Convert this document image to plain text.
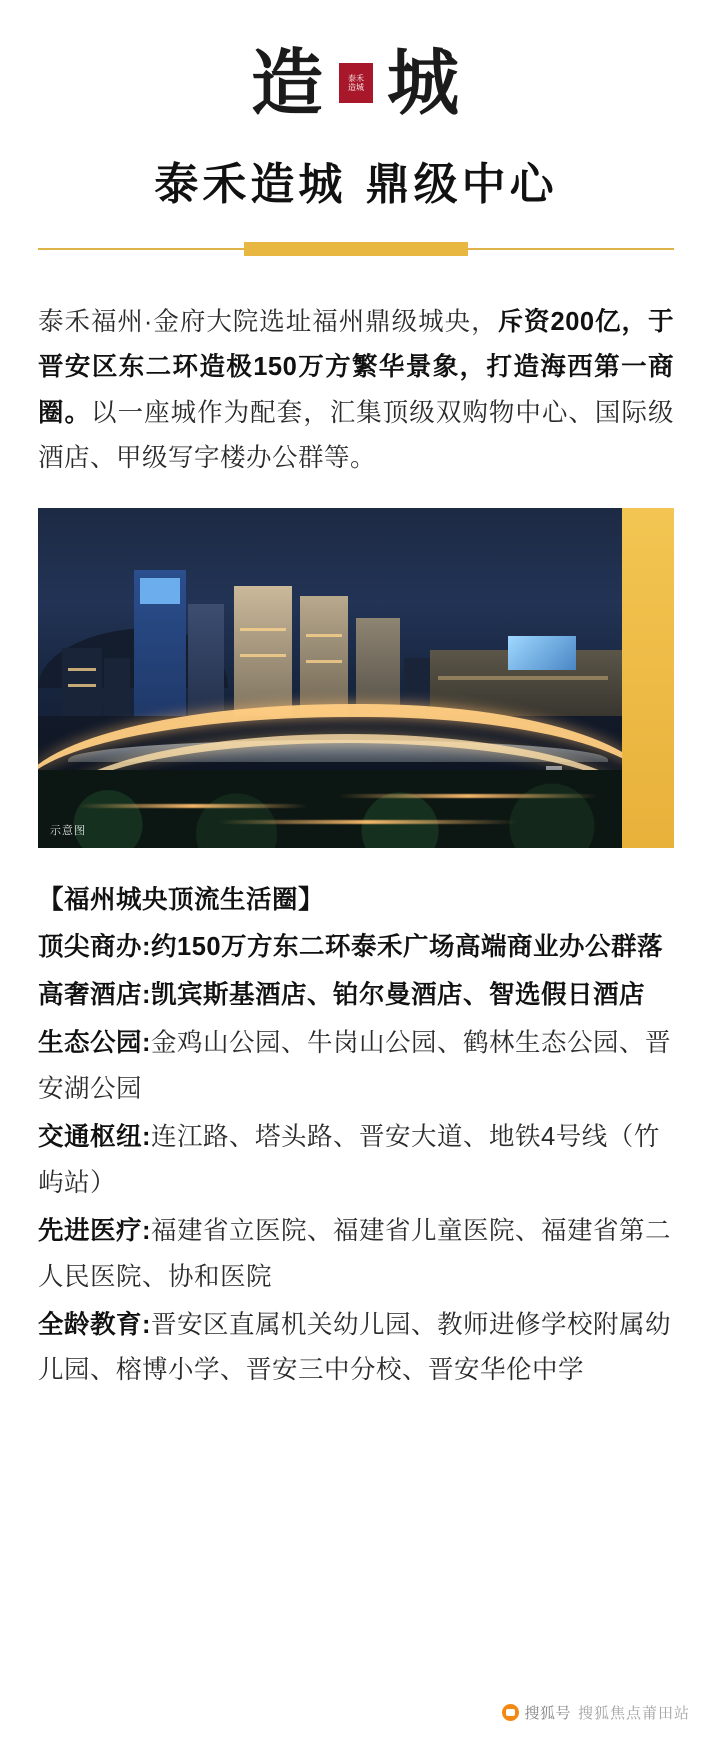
造	泰禾
造城 城
泰禾造城 鼎级中心

泰禾福州·金府大院选址福州鼎级城央，斥资200亿，于晋安区东二环造极150万方繁华景象，打造海西第一商圈。以一座城作为配套，汇集顶级双购物中心、国际级酒店、甲级写字楼办公群等。

示意图
【福州城央顶流生活圈】
顶尖商办:约150万方东二环泰禾广场高端商业办公群落
高奢酒店:凯宾斯基酒店、铂尔曼酒店、智选假日酒店
生态公园:金鸡山公园、牛岗山公园、鹤林生态公园、晋安湖公园
交通枢纽:连江路、塔头路、晋安大道、地铁4号线（竹屿站）
先进医疗:福建省立医院、福建省儿童医院、福建省第二人民医院、协和医院
全龄教育:晋安区直属机关幼儿园、教师进修学校附属幼儿园、榕博小学、晋安三中分校、晋安华伦中学
搜狐号 搜狐焦点莆田站
